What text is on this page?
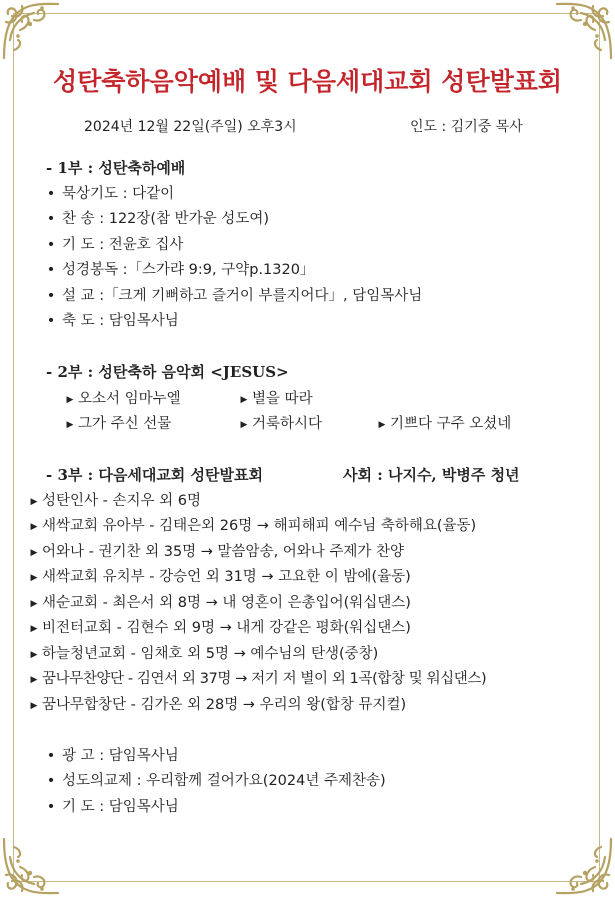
성탄축하음악예배 및 다음세대교회 성탄발표회
2024년 12월 22일(주일) 오후3시	인도 : 김기중 목사
- 1부 : 성탄축하예배
• 묵상기도 : 다같이
• 찬 송 : 122장(참 반가운 성도여)
• 기 도 : 전윤호 집사
• 성경봉독 :「스가랴 9:9, 구약p.1320」
• 설 교 :「크게 기뻐하고 즐거이 부를지어다」, 담임목사님
• 축 도 : 담임목사님
- 2부 : 성탄축하 음악회 <JESUS>
▶ 오소서 임마누엘	▶ 별을 따라
▶ 그가 주신 선물	▶ 거룩하시다	▶ 기쁘다 구주 오셨네
- 3부 : 다음세대교회 성탄발표회	사회 : 나지수, 박병주 청년
▶ 성탄인사 - 손지우 외 6명
▶ 새싹교회 유아부 - 김태은외 26명 → 해피해피 예수님 축하해요(율동)
▶ 어와나 - 권기찬 외 35명 → 말씀암송, 어와나 주제가 찬양
▶ 새싹교회 유치부 - 강승언 외 31명 → 고요한 이 밤에(율동)
▶ 새순교회 - 최은서 외 8명 → 내 영혼이 은총입어(워십댄스)
▶ 비전터교회 - 김현수 외 9명 → 내게 강같은 평화(워십댄스)
▶ 하늘청년교회 - 임채호 외 5명 → 예수님의 탄생(중창)
▶ 꿈나무찬양단 - 김연서 외 37명 → 저기 저 별이 외 1곡(합창 및 워십댄스)
▶ 꿈나무합창단 - 김가온 외 28명 → 우리의 왕(합창 뮤지컬)
• 광 고 : 담임목사님
• 성도의교제 : 우리함께 걸어가요(2024년 주제찬송)
• 기 도 : 담임목사님
